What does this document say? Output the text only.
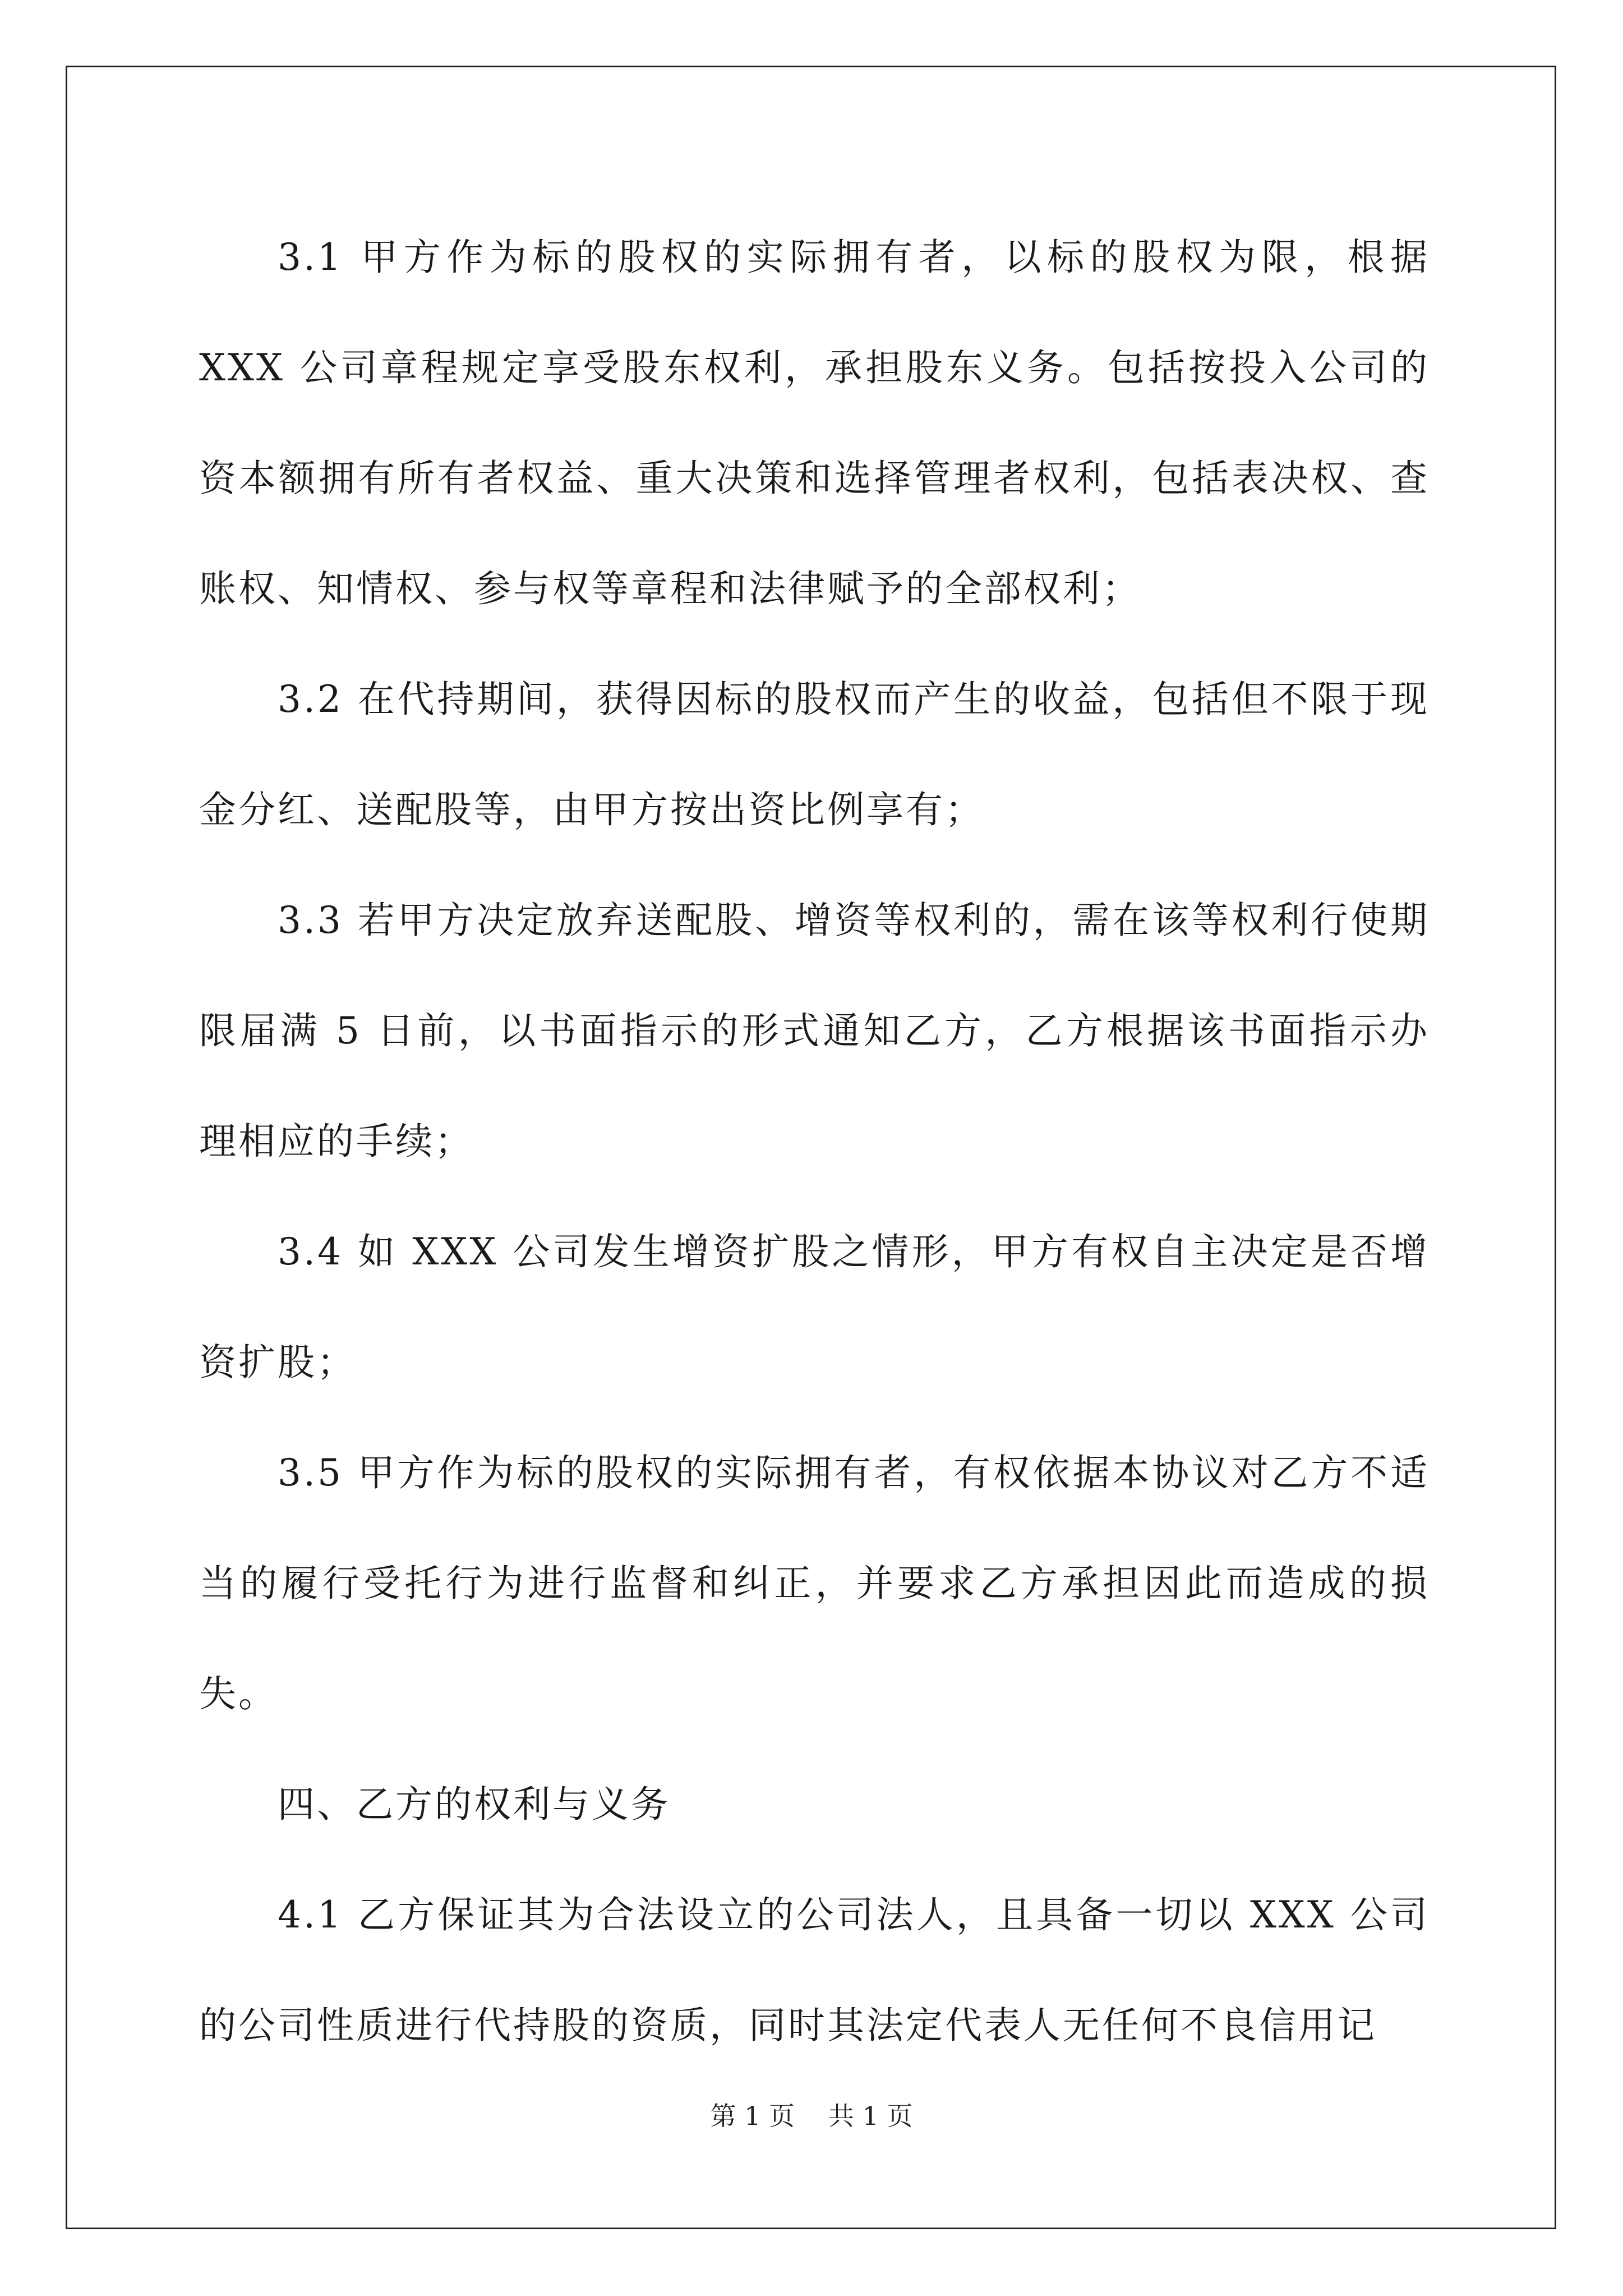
3.1 甲方作为标的股权的实际拥有者，以标的股权为限，根据 XXX 公司章程规定享受股东权利，承担股东义务。包括按投入公司的资本额拥有所有者权益、重大决策和选择管理者权利，包括表决权、查账权、知情权、参与权等章程和法律赋予的全部权利；

3.2 在代持期间，获得因标的股权而产生的收益，包括但不限于现金分红、送配股等，由甲方按出资比例享有；

3.3 若甲方决定放弃送配股、增资等权利的，需在该等权利行使期限届满 5 日前，以书面指示的形式通知乙方，乙方根据该书面指示办理相应的手续；

3.4 如 XXX 公司发生增资扩股之情形，甲方有权自主决定是否增资扩股；

3.5 甲方作为标的股权的实际拥有者，有权依据本协议对乙方不适当的履行受托行为进行监督和纠正，并要求乙方承担因此而造成的损失。

四、乙方的权利与义务

4.1 乙方保证其为合法设立的公司法人，且具备一切以 XXX 公司的公司性质进行代持股的资质，同时其法定代表人无任何不良信用记

第 1 页 共 1 页
